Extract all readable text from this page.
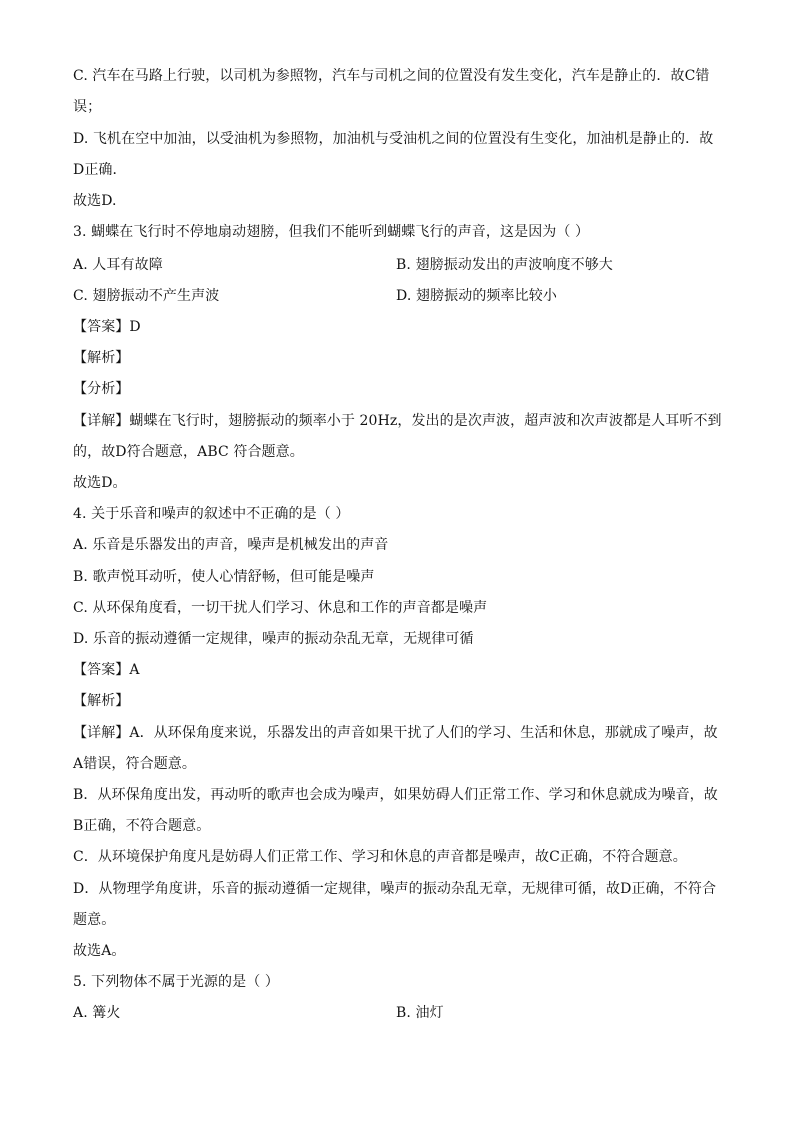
C. 汽车在马路上行驶，以司机为参照物，汽车与司机之间的位置没有发生变化，汽车是静止的．故C错
误；
D. 飞机在空中加油，以受油机为参照物，加油机与受油机之间的位置没有生变化，加油机是静止的．故
D正确．
故选D.
3. 蝴蝶在飞行时不停地扇动翅膀，但我们不能听到蝴蝶飞行的声音，这是因为（ ）
A. 人耳有故障	B. 翅膀振动发出的声波响度不够大
C. 翅膀振动不产生声波	D. 翅膀振动的频率比较小
【答案】D
【解析】
【分析】
【详解】蝴蝶在飞行时，翅膀振动的频率小于 20Hz，发出的是次声波，超声波和次声波都是人耳听不到
的，故D符合题意，ABC 符合题意。
故选D。
4. 关于乐音和噪声的叙述中不正确的是（ ）
A. 乐音是乐器发出的声音，噪声是机械发出的声音
B. 歌声悦耳动听，使人心情舒畅，但可能是噪声
C. 从环保角度看，一切干扰人们学习、休息和工作的声音都是噪声
D. 乐音的振动遵循一定规律，噪声的振动杂乱无章，无规律可循
【答案】A
【解析】
【详解】A．从环保角度来说，乐器发出的声音如果干扰了人们的学习、生活和休息，那就成了噪声，故
A错误，符合题意。
B．从环保角度出发，再动听的歌声也会成为噪声，如果妨碍人们正常工作、学习和休息就成为噪音，故
B正确，不符合题意。
C．从环境保护角度凡是妨碍人们正常工作、学习和休息的声音都是噪声，故C正确，不符合题意。
D．从物理学角度讲，乐音的振动遵循一定规律，噪声的振动杂乱无章，无规律可循，故D正确，不符合
题意。
故选A。
5. 下列物体不属于光源的是（ ）
A. 篝火	B. 油灯
